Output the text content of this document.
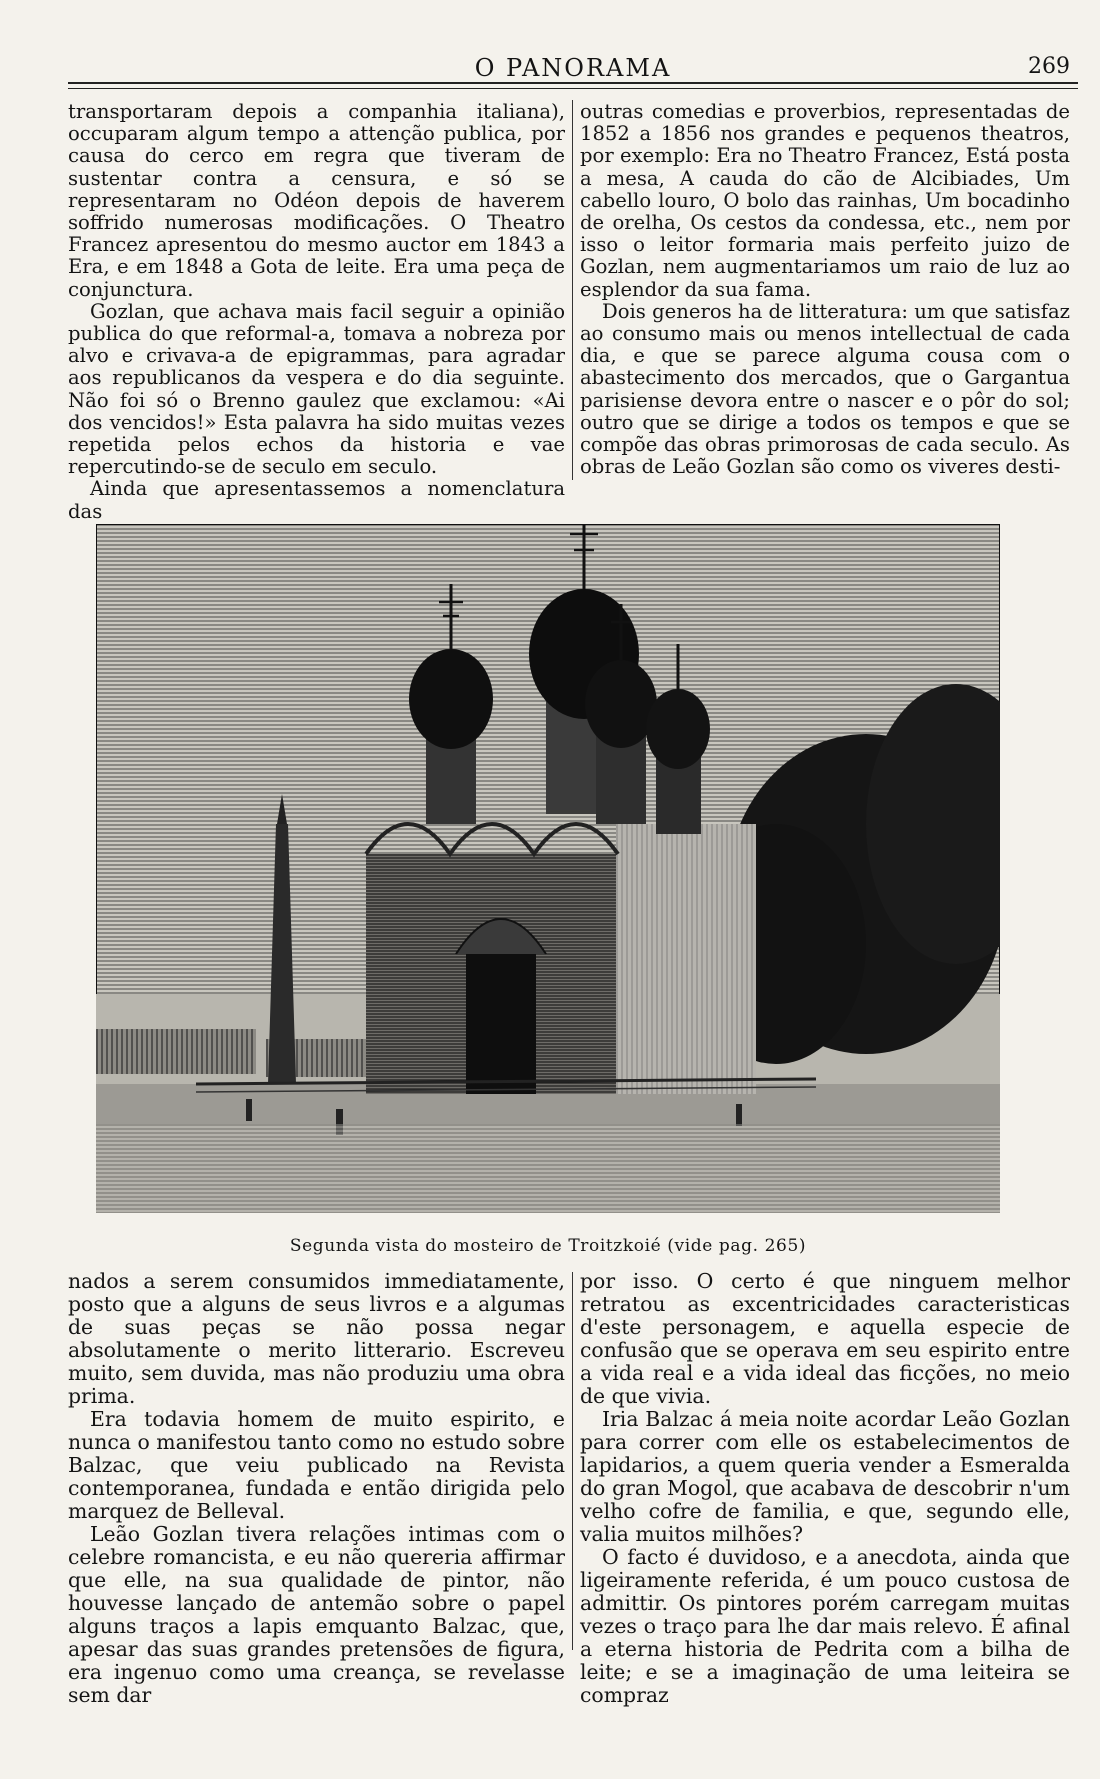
O PANORAMA	269

transportaram depois a companhia italiana), occuparam algum tempo a attenção publica, por causa do cerco em regra que tiveram de sustentar contra a censura, e só se representaram no Odéon depois de haverem soffrido numerosas modificações. O Theatro Francez apresentou do mesmo auctor em 1843 a Era, e em 1848 a Gota de leite. Era uma peça de conjunctura.

Gozlan, que achava mais facil seguir a opinião publica do que reformal-a, tomava a nobreza por alvo e crivava-a de epigrammas, para agradar aos republicanos da vespera e do dia seguinte. Não foi só o Brenno gaulez que exclamou: «Ai dos vencidos!» Esta palavra ha sido muitas vezes repetida pelos echos da historia e vae repercutindo-se de seculo em seculo.

Ainda que apresentassemos a nomenclatura das

outras comedias e proverbios, representadas de 1852 a 1856 nos grandes e pequenos theatros, por exemplo: Era no Theatro Francez, Está posta a mesa, A cauda do cão de Alcibiades, Um cabello louro, O bolo das rainhas, Um bocadinho de orelha, Os cestos da condessa, etc., nem por isso o leitor formaria mais perfeito juizo de Gozlan, nem augmentariamos um raio de luz ao esplendor da sua fama.

Dois generos ha de litteratura: um que satisfaz ao consumo mais ou menos intellectual de cada dia, e que se parece alguma cousa com o abastecimento dos mercados, que o Gargantua parisiense devora entre o nascer e o pôr do sol; outro que se dirige a todos os tempos e que se compõe das obras primorosas de cada seculo. As obras de Leão Gozlan são como os viveres desti-

Segunda vista do mosteiro de Troitzkoié (vide pag. 265)

nados a serem consumidos immediatamente, posto que a alguns de seus livros e a algumas de suas peças se não possa negar absolutamente o merito litterario. Escreveu muito, sem duvida, mas não produziu uma obra prima.

Era todavia homem de muito espirito, e nunca o manifestou tanto como no estudo sobre Balzac, que veiu publicado na Revista contemporanea, fundada e então dirigida pelo marquez de Belleval.

Leão Gozlan tivera relações intimas com o celebre romancista, e eu não quereria affirmar que elle, na sua qualidade de pintor, não houvesse lançado de antemão sobre o papel alguns traços a lapis emquanto Balzac, que, apesar das suas grandes pretensões de figura, era ingenuo como uma creança, se revelasse sem dar

por isso. O certo é que ninguem melhor retratou as excentricidades caracteristicas d'este personagem, e aquella especie de confusão que se operava em seu espirito entre a vida real e a vida ideal das ficções, no meio de que vivia.

Iria Balzac á meia noite acordar Leão Gozlan para correr com elle os estabelecimentos de lapidarios, a quem queria vender a Esmeralda do gran Mogol, que acabava de descobrir n'um velho cofre de familia, e que, segundo elle, valia muitos milhões?

O facto é duvidoso, e a anecdota, ainda que ligeiramente referida, é um pouco custosa de admittir. Os pintores porém carregam muitas vezes o traço para lhe dar mais relevo. É afinal a eterna historia de Pedrita com a bilha de leite; e se a imaginação de uma leiteira se compraz
